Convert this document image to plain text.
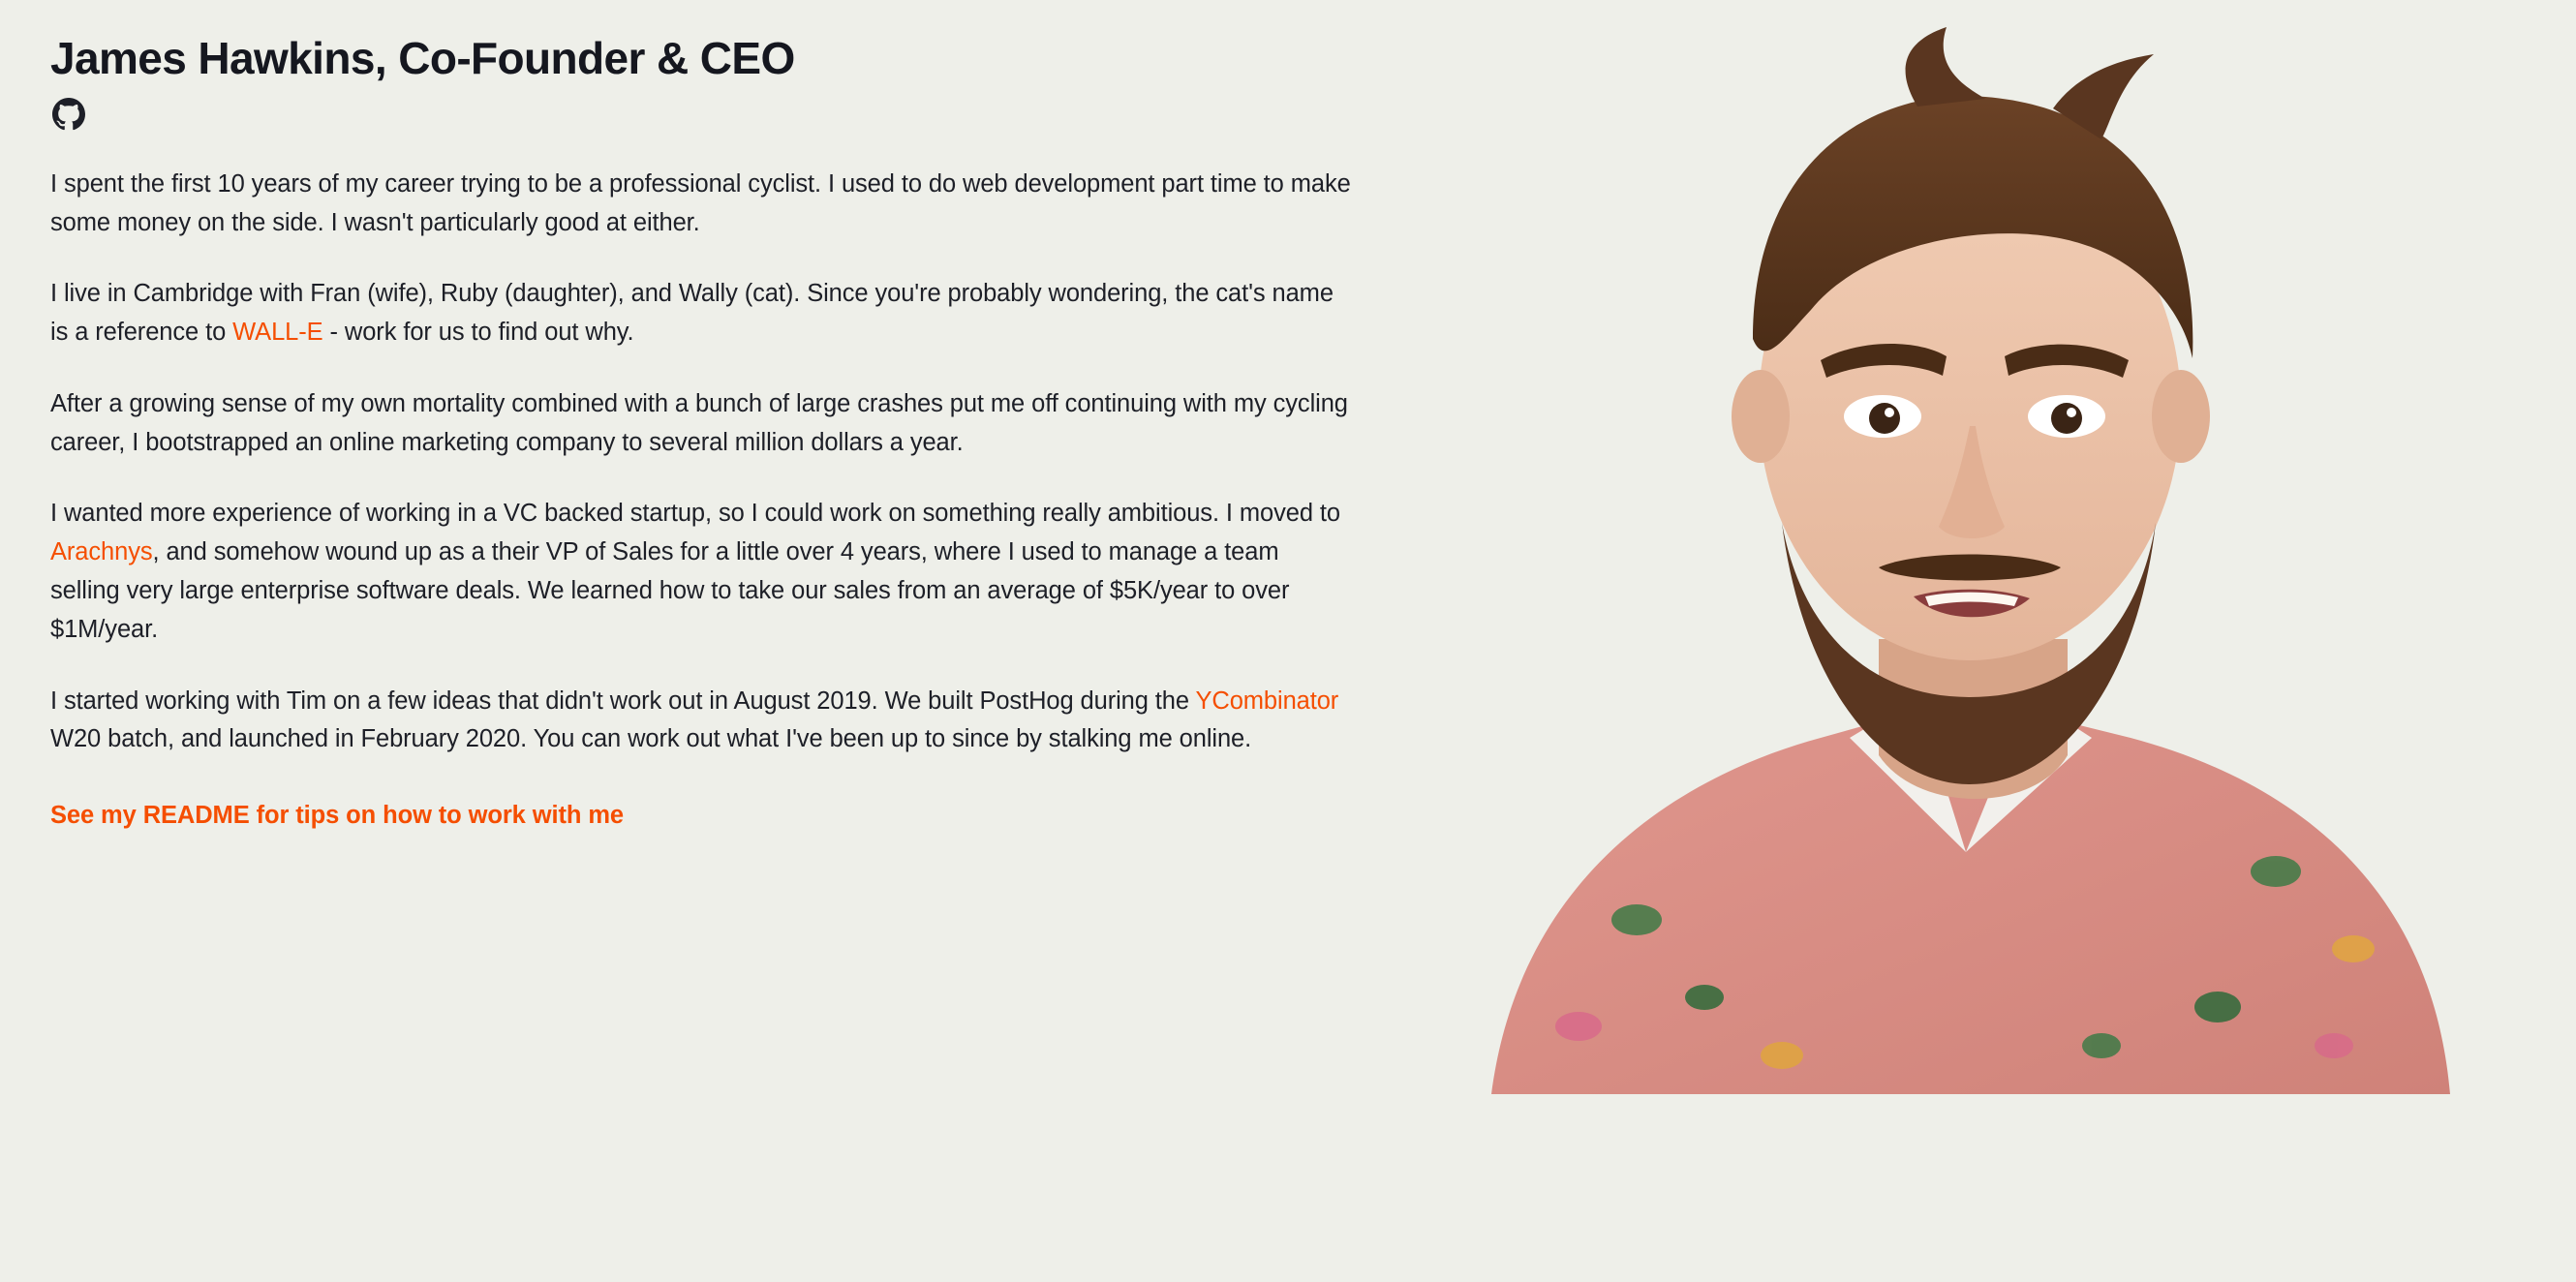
James Hawkins, Co-Founder & CEO

I spent the first 10 years of my career trying to be a professional cyclist. I used to do web development part time to make some money on the side. I wasn't particularly good at either.

I live in Cambridge with Fran (wife), Ruby (daughter), and Wally (cat). Since you're probably wondering, the cat's name is a reference to WALL-E - work for us to find out why.

After a growing sense of my own mortality combined with a bunch of large crashes put me off continuing with my cycling career, I bootstrapped an online marketing company to several million dollars a year.

I wanted more experience of working in a VC backed startup, so I could work on something really ambitious. I moved to Arachnys, and somehow wound up as a their VP of Sales for a little over 4 years, where I used to manage a team selling very large enterprise software deals. We learned how to take our sales from an average of $5K/year to over $1M/year.

I started working with Tim on a few ideas that didn't work out in August 2019. We built PostHog during the YCombinator W20 batch, and launched in February 2020. You can work out what I've been up to since by stalking me online.

See my README for tips on how to work with me
